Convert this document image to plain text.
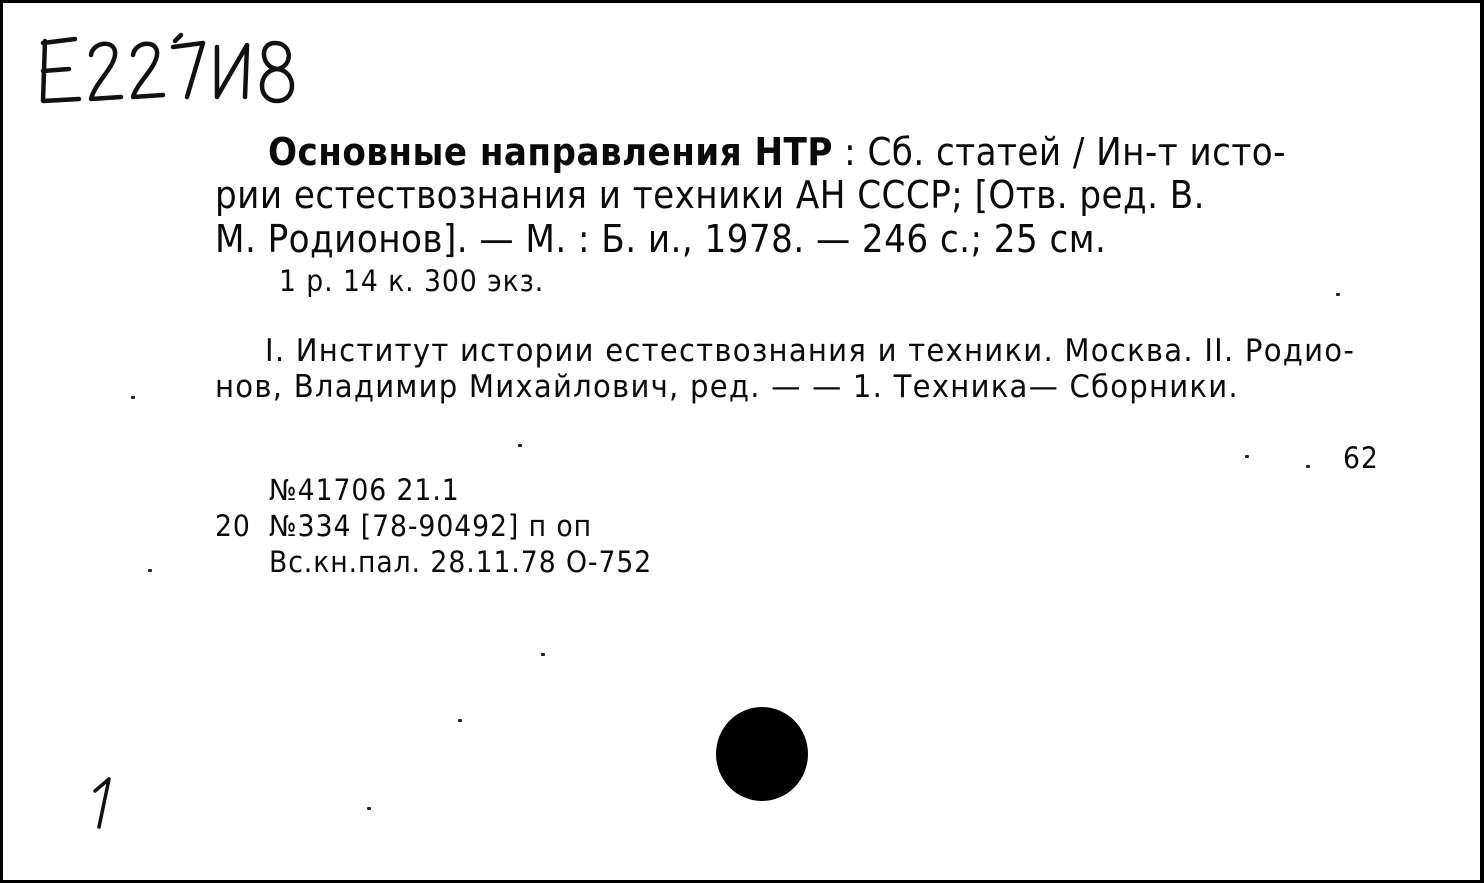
Основные направления НТР : Сб. статей / Ин-т исто-
рии естествознания и техники АН СССР; [Отв. ред. В.
М. Родионов]. — М. : Б. и., 1978. — 246 с.; 25 см.
1 р. 14 к. 300 экз.
I. Институт истории естествознания и техники. Москва. II. Родио-
нов, Владимир Михайлович, ред. — — 1. Техника— Сборники.
62
№41706 21.1
20 №334 [78-90492] п оп
Вс.кн.пал. 28.11.78 О-752
